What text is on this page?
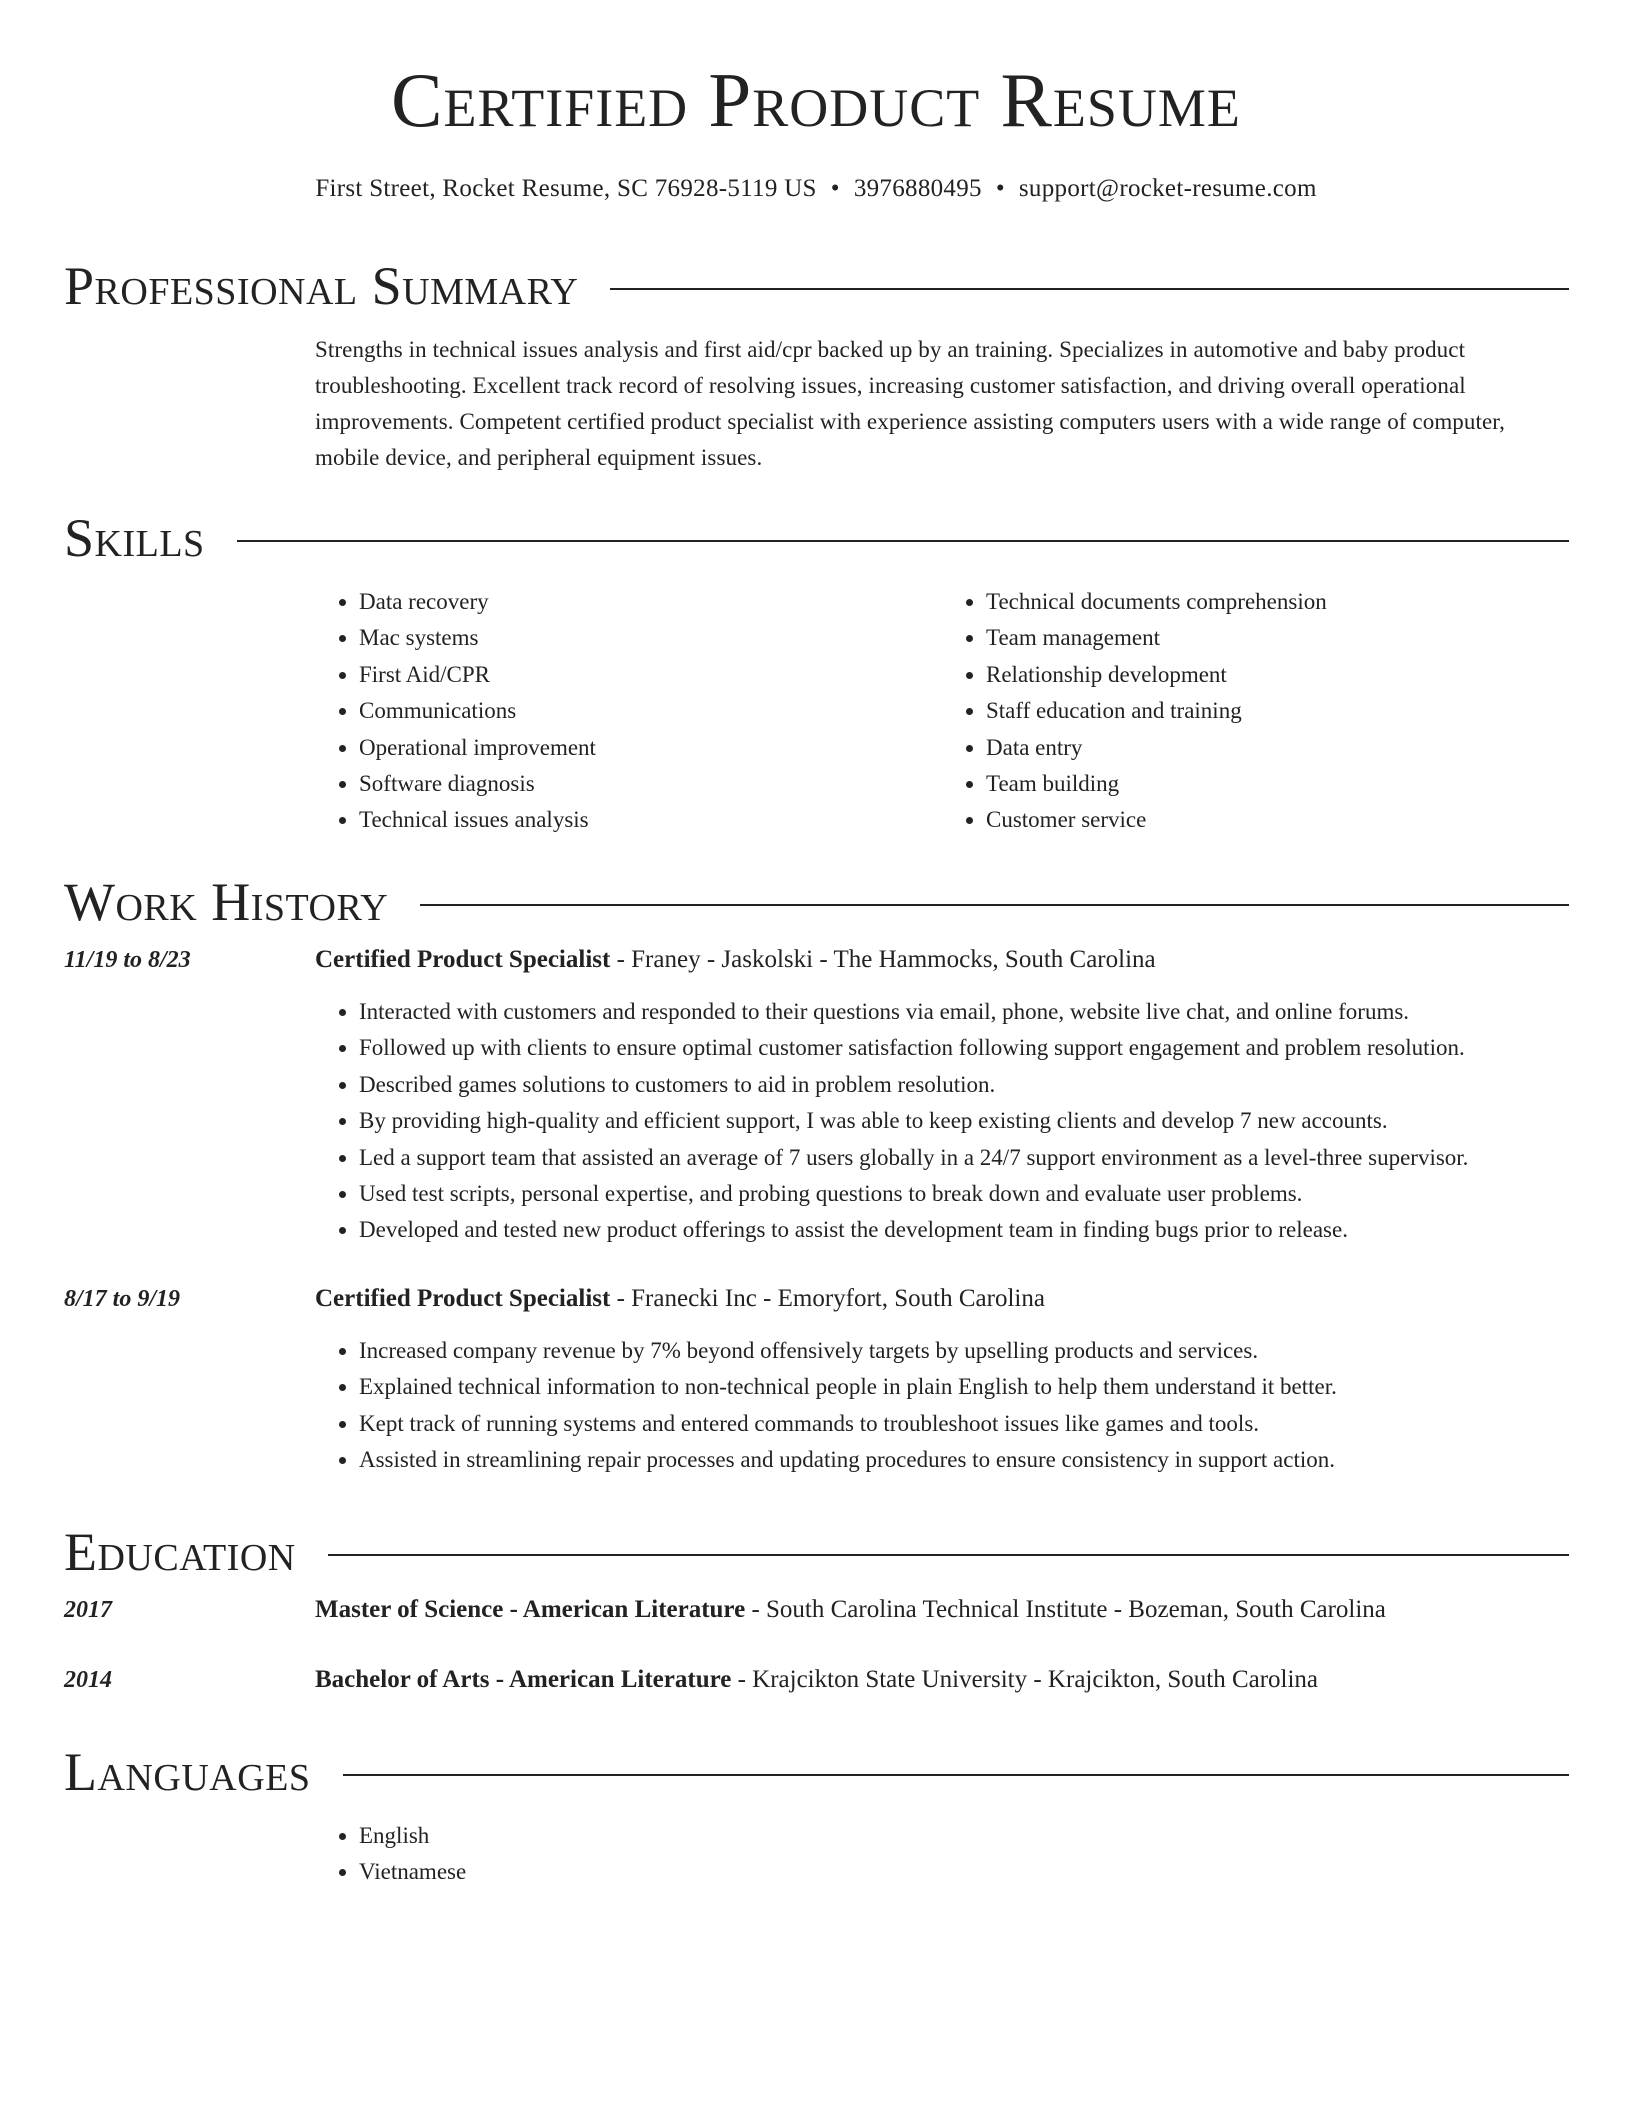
Certified Product Resume
First Street, Rocket Resume, SC 76928-5119 US • 3976880495 • support@rocket-resume.com
Professional Summary
Strengths in technical issues analysis and first aid/cpr backed up by an training. Specializes in automotive and baby product troubleshooting. Excellent track record of resolving issues, increasing customer satisfaction, and driving overall operational improvements. Competent certified product specialist with experience assisting computers users with a wide range of computer, mobile device, and peripheral equipment issues.
Skills
• Data recovery
• Mac systems
• First Aid/CPR
• Communications
• Operational improvement
• Software diagnosis
• Technical issues analysis
• Technical documents comprehension
• Team management
• Relationship development
• Staff education and training
• Data entry
• Team building
• Customer service
Work History
11/19 to 8/23	Certified Product Specialist - Franey - Jaskolski - The Hammocks, South Carolina
• Interacted with customers and responded to their questions via email, phone, website live chat, and online forums.
• Followed up with clients to ensure optimal customer satisfaction following support engagement and problem resolution.
• Described games solutions to customers to aid in problem resolution.
• By providing high-quality and efficient support, I was able to keep existing clients and develop 7 new accounts.
• Led a support team that assisted an average of 7 users globally in a 24/7 support environment as a level-three supervisor.
• Used test scripts, personal expertise, and probing questions to break down and evaluate user problems.
• Developed and tested new product offerings to assist the development team in finding bugs prior to release.
8/17 to 9/19	Certified Product Specialist - Franecki Inc - Emoryfort, South Carolina
• Increased company revenue by 7% beyond offensively targets by upselling products and services.
• Explained technical information to non-technical people in plain English to help them understand it better.
• Kept track of running systems and entered commands to troubleshoot issues like games and tools.
• Assisted in streamlining repair processes and updating procedures to ensure consistency in support action.
Education
2017	Master of Science - American Literature - South Carolina Technical Institute - Bozeman, South Carolina
2014	Bachelor of Arts - American Literature - Krajcikton State University - Krajcikton, South Carolina
Languages
• English
• Vietnamese
